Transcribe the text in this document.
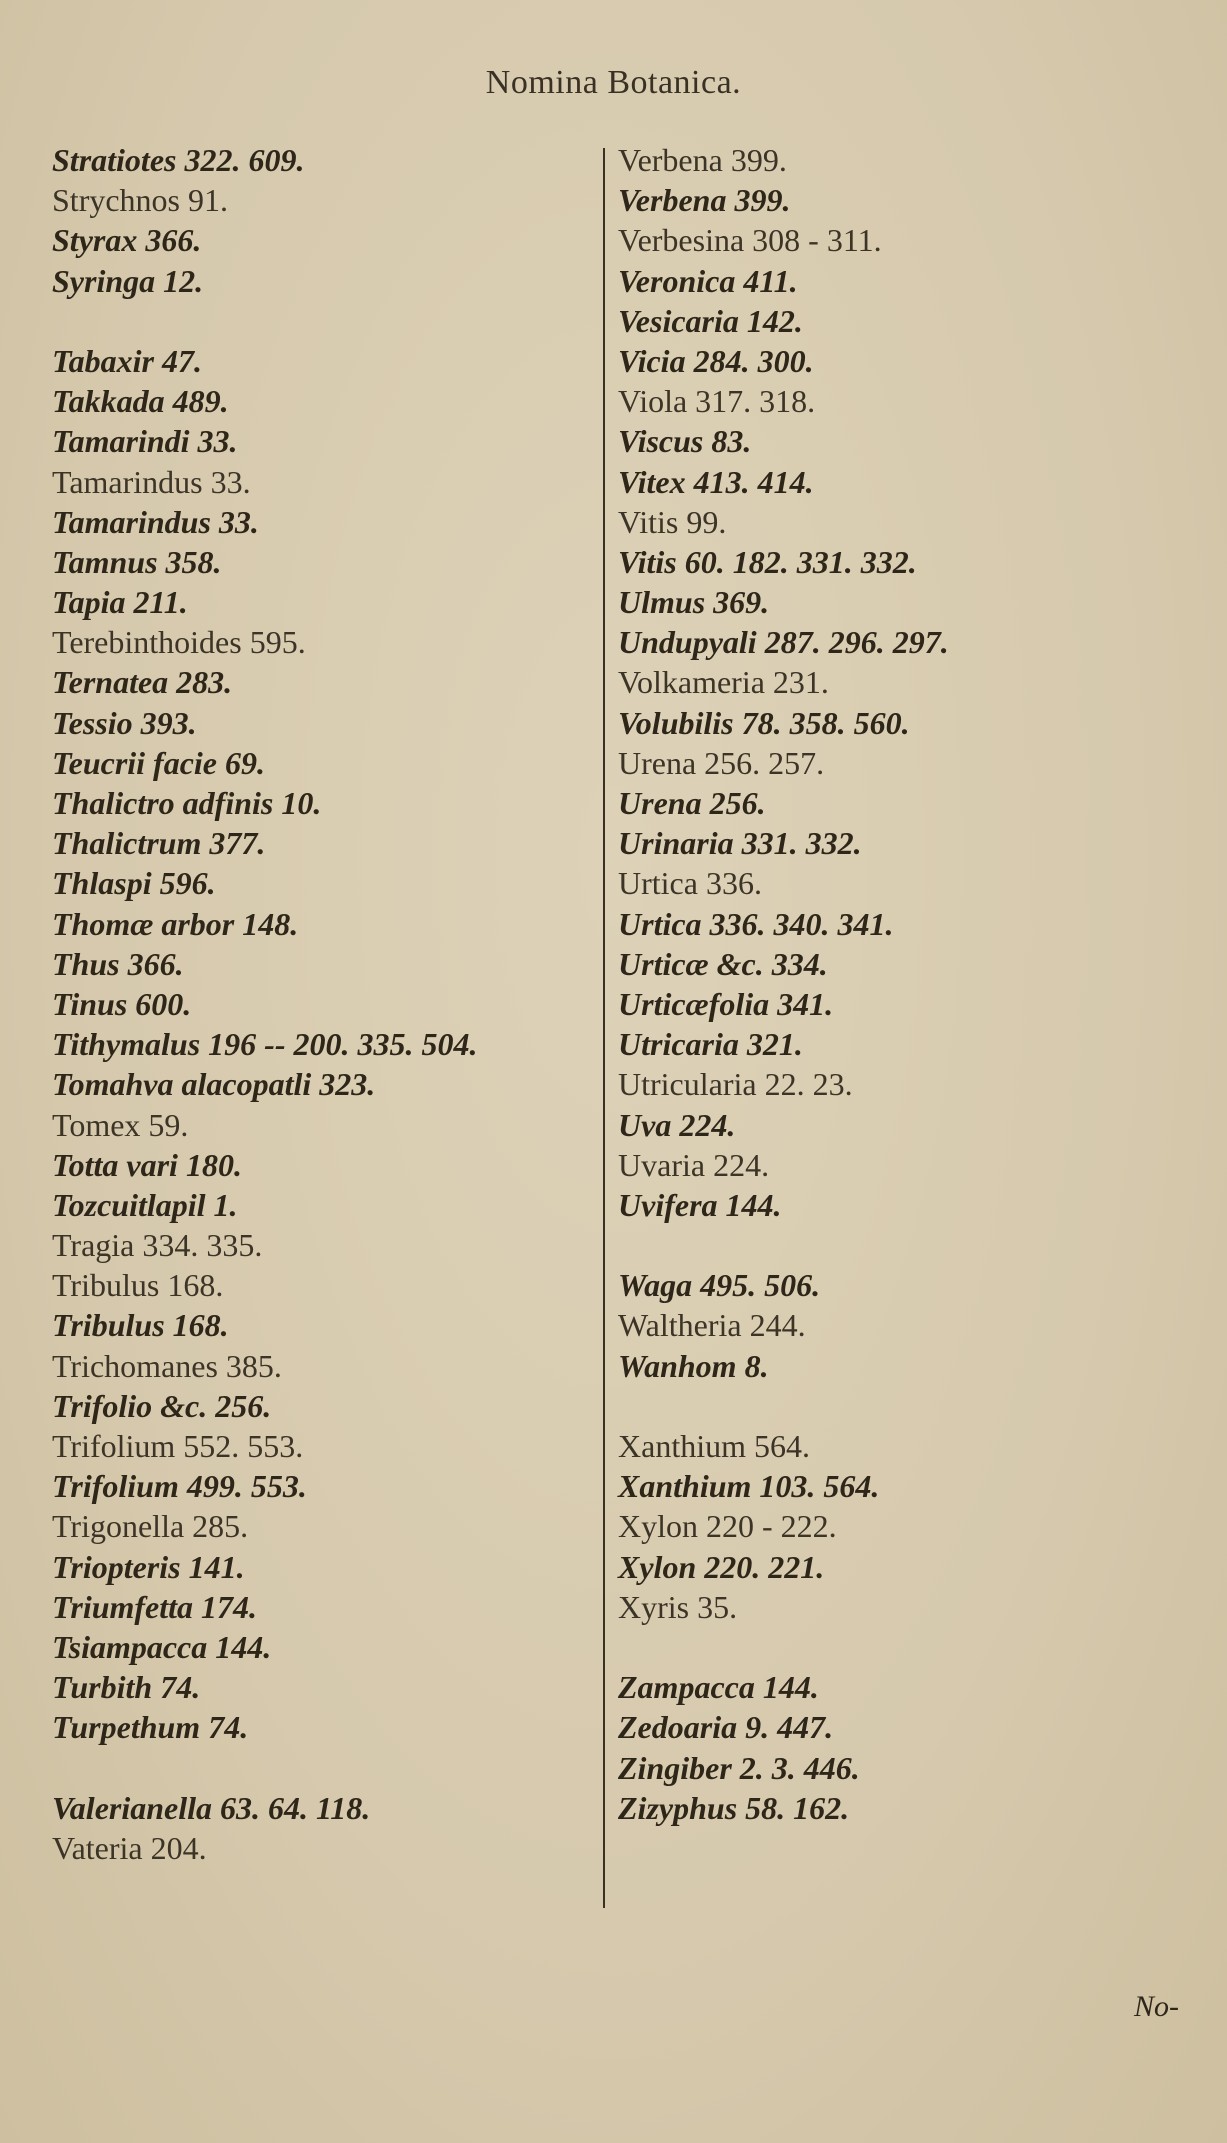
Nomina Botanica.
Stratiotes 322. 609.
Strychnos 91.
Styrax 366.
Syringa 12.
Tabaxir 47.
Takkada 489.
Tamarindi 33.
Tamarindus 33.
Tamarindus 33.
Tamnus 358.
Tapia 211.
Terebinthoides 595.
Ternatea 283.
Tessio 393.
Teucrii facie 69.
Thalictro adfinis 10.
Thalictrum 377.
Thlaspi 596.
Thomæ arbor 148.
Thus 366.
Tinus 600.
Tithymalus 196 -- 200. 335. 504.
Tomahva alacopatli 323.
Tomex 59.
Totta vari 180.
Tozcuitlapil 1.
Tragia 334. 335.
Tribulus 168.
Tribulus 168.
Trichomanes 385.
Trifolio &c. 256.
Trifolium 552. 553.
Trifolium 499. 553.
Trigonella 285.
Triopteris 141.
Triumfetta 174.
Tsiampacca 144.
Turbith 74.
Turpethum 74.
Valerianella 63. 64. 118.
Vateria 204.
Verbena 399.
Verbena 399.
Verbesina 308 - 311.
Veronica 411.
Vesicaria 142.
Vicia 284. 300.
Viola 317. 318.
Viscus 83.
Vitex 413. 414.
Vitis 99.
Vitis 60. 182. 331. 332.
Ulmus 369.
Undupyali 287. 296. 297.
Volkameria 231.
Volubilis 78. 358. 560.
Urena 256. 257.
Urena 256.
Urinaria 331. 332.
Urtica 336.
Urtica 336. 340. 341.
Urticæ &c. 334.
Urticæfolia 341.
Utricaria 321.
Utricularia 22. 23.
Uva 224.
Uvaria 224.
Uvifera 144.
Waga 495. 506.
Waltheria 244.
Wanhom 8.
Xanthium 564.
Xanthium 103. 564.
Xylon 220 - 222.
Xylon 220. 221.
Xyris 35.
Zampacca 144.
Zedoaria 9. 447.
Zingiber 2. 3. 446.
Zizyphus 58. 162.
No-
